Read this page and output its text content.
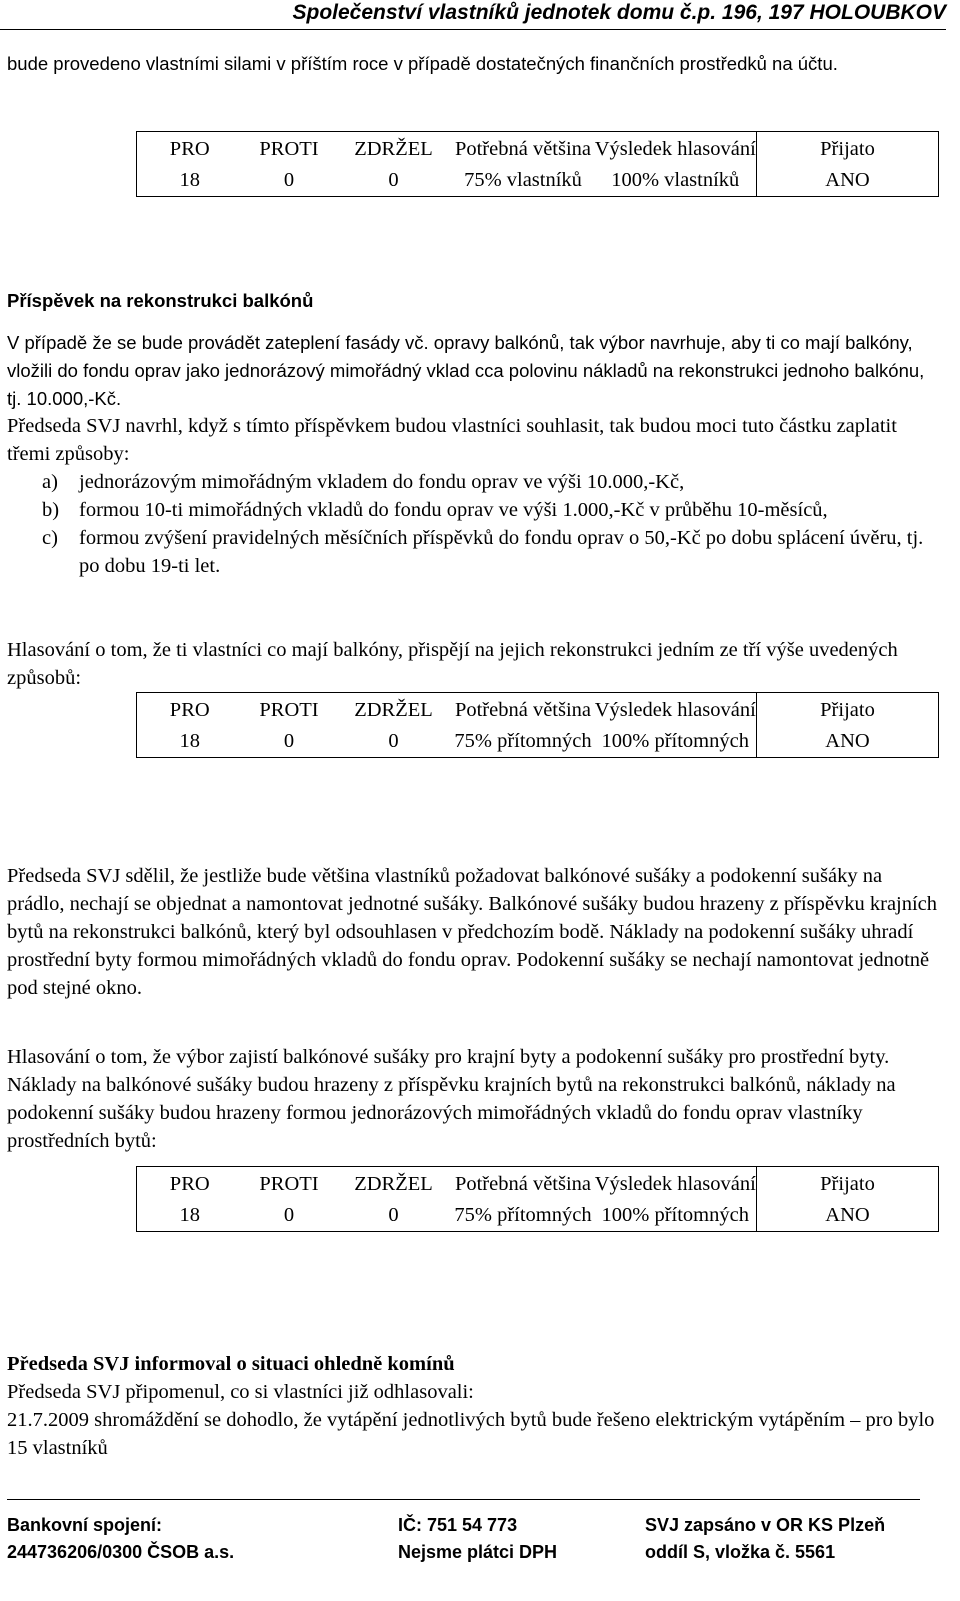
Společenství vlastníků jednotek domu č.p. 196, 197 HOLOUBKOV

bude provedeno vlastními silami v příštím roce v případě dostatečných finančních prostředků na účtu.

PRO	PROTI	ZDRŽEL	Potřebná většina	Výsledek hlasování	Přijato
18	0	0	75% vlastníků	100% vlastníků	ANO
Příspěvek na rekonstrukci balkónů

V případě že se bude provádět zateplení fasády vč. opravy balkónů, tak výbor navrhuje, aby ti co mají balkóny, vložili do fondu oprav jako jednorázový mimořádný vklad cca polovinu nákladů na rekonstrukci jednoho balkónu, tj. 10.000,-Kč.

Předseda SVJ navrhl, když s tímto příspěvkem budou vlastníci souhlasit, tak budou moci tuto částku zaplatit třemi způsoby:

a) jednorázovým mimořádným vkladem do fondu oprav ve výši 10.000,-Kč,
b) formou 10-ti mimořádných vkladů do fondu oprav ve výši 1.000,-Kč v průběhu 10-měsíců,
c) formou zvýšení pravidelných měsíčních příspěvků do fondu oprav o 50,-Kč po dobu splácení úvěru, tj. po dobu 19-ti let.

Hlasování o tom, že ti vlastníci co mají balkóny, přispějí na jejich rekonstrukci jedním ze tří výše uvedených způsobů:

PRO	PROTI	ZDRŽEL	Potřebná většina	Výsledek hlasování	Přijato
18	0	0	75% přítomných	100% přítomných	ANO

Předseda SVJ sdělil, že jestliže bude většina vlastníků požadovat balkónové sušáky a podokenní sušáky na prádlo, nechají se objednat a namontovat jednotné sušáky. Balkónové sušáky budou hrazeny z příspěvku krajních bytů na rekonstrukci balkónů, který byl odsouhlasen v předchozím bodě. Náklady na podokenní sušáky uhradí prostřední byty formou mimořádných vkladů do fondu oprav. Podokenní sušáky se nechají namontovat jednotně pod stejné okno.

Hlasování o tom, že výbor zajistí balkónové sušáky pro krajní byty a podokenní sušáky pro prostřední byty. Náklady na balkónové sušáky budou hrazeny z příspěvku krajních bytů na rekonstrukci balkónů, náklady na podokenní sušáky budou hrazeny formou jednorázových mimořádných vkladů do fondu oprav vlastníky prostředních bytů:

PRO	PROTI	ZDRŽEL	Potřebná většina	Výsledek hlasování	Přijato
18	0	0	75% přítomných	100% přítomných	ANO
Předseda SVJ informoval o situaci ohledně komínů
Předseda SVJ připomenul, co si vlastníci již odhlasovali:

21.7.2009 shromáždění se dohodlo, že vytápění jednotlivých bytů bude řešeno elektrickým vytápěním – pro bylo 15 vlastníků

Bankovní spojení:
244736206/0300 ČSOB a.s.
IČ: 751 54 773
Nejsme plátci DPH
SVJ zapsáno v OR KS Plzeň
oddíl S, vložka č. 5561
